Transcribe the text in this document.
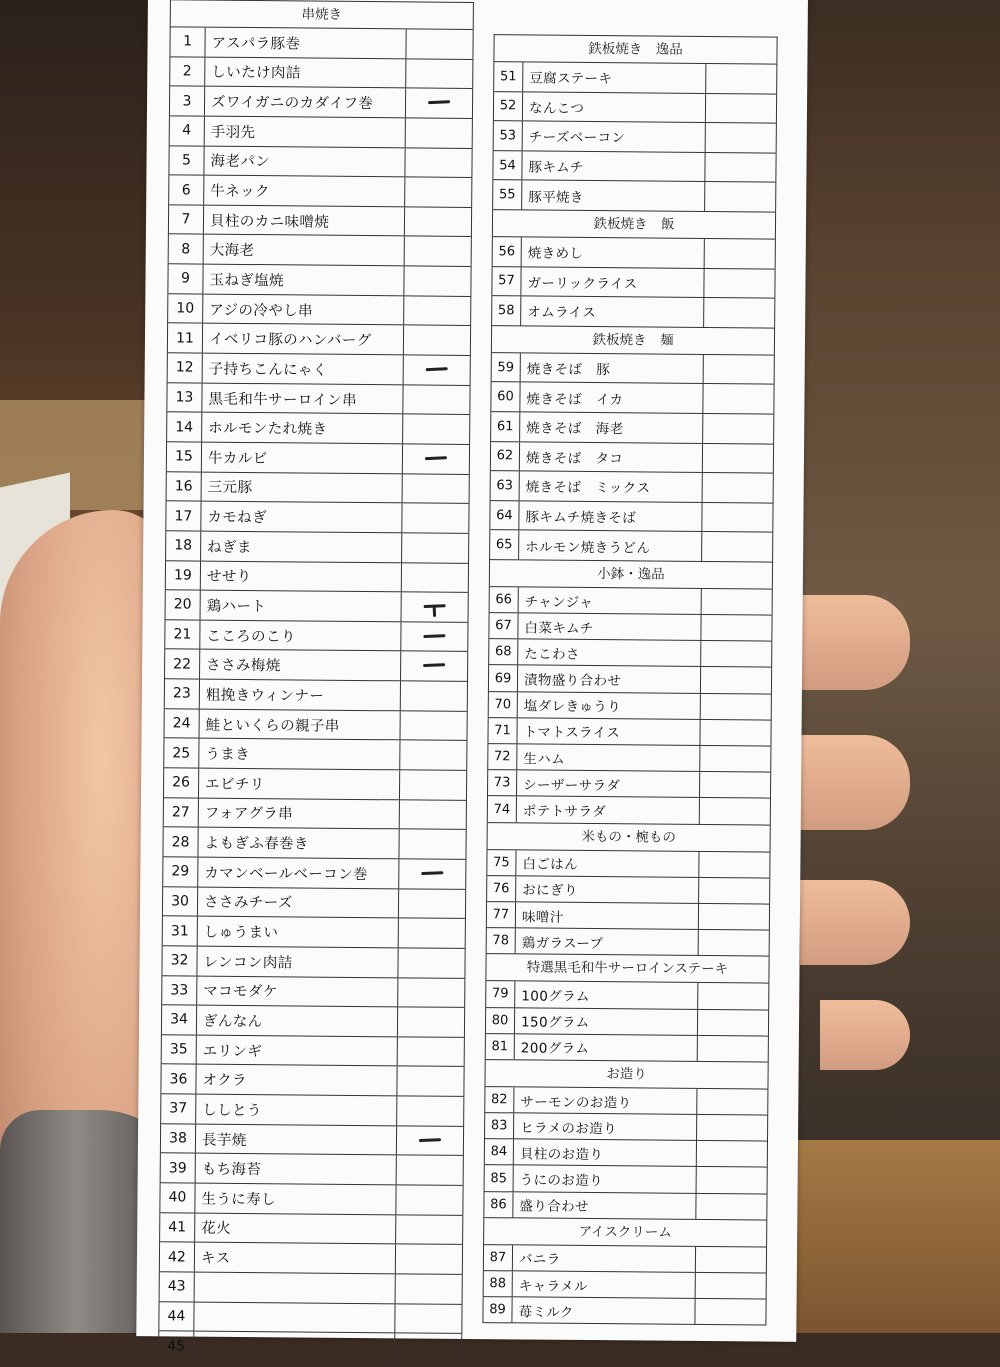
串焼き
1	アスパラ豚巻
2	しいたけ肉詰
3	ズワイガニのカダイフ巻
4	手羽先
5	海老パン
6	牛ネック
7	貝柱のカニ味噌焼
8	大海老
9	玉ねぎ塩焼
10	アジの冷やし串
11	イベリコ豚のハンバーグ
12	子持ちこんにゃく
13	黒毛和牛サーロイン串
14	ホルモンたれ焼き
15	牛カルビ
16	三元豚
17	カモねぎ
18	ねぎま
19	せせり
20	鶏ハート
21	こころのこり
22	ささみ梅焼
23	粗挽きウィンナー
24	鮭といくらの親子串
25	うまき
26	エビチリ
27	フォアグラ串
28	よもぎふ春巻き
29	カマンベールベーコン巻
30	ささみチーズ
31	しゅうまい
32	レンコン肉詰
33	マコモダケ
34	ぎんなん
35	エリンギ
36	オクラ
37	ししとう
38	長芋焼
39	もち海苔
40	生うに寿し
41	花火
42	キス
43
44
45
鉄板焼き　逸品
51 豆腐ステーキ
52 なんこつ
53 チーズベーコン
54 豚キムチ
55 豚平焼き
鉄板焼き　飯
56 焼きめし
57 ガーリックライス
58 オムライス
鉄板焼き　麺
59 焼きそば　豚
60 焼きそば　イカ
61 焼きそば　海老
62 焼きそば　タコ
63 焼きそば　ミックス
64 豚キムチ焼きそば
65 ホルモン焼きうどん
小鉢・逸品
66 チャンジャ
67 白菜キムチ
68 たこわさ
69 漬物盛り合わせ
70 塩ダレきゅうり
71 トマトスライス
72 生ハム
73 シーザーサラダ
74 ポテトサラダ
米もの・椀もの
75 白ごはん
76 おにぎり
77 味噌汁
78 鶏ガラスープ
特選黒毛和牛サーロインステーキ
79 100グラム
80 150グラム
81 200グラム
お造り
82 サーモンのお造り
83 ヒラメのお造り
84 貝柱のお造り
85 うにのお造り
86 盛り合わせ
アイスクリーム
87 バニラ
88 キャラメル
89 苺ミルク
